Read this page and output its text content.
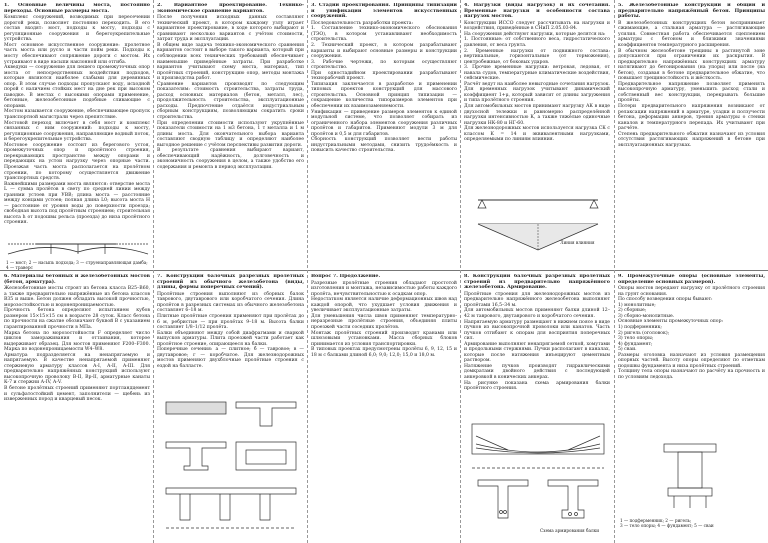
1. Основные величины моста, постоянно переходы. Основные размеры моста.
Комплекс сооружений, возводимых при пересечении дорогой реки, позволяет постоянно переходить. В его состав входят: мост, подходы к мосту, подходы с регуляционные сооружения и берегоукрепительные устройства.
Мост основное искусственное сооружение: пролетное часть моста или русло и части пойм реки. Подходы к мосту обеспечивают сопряжение дороги с мостом. Их устраивают в виде насыпи наклонной или отгиба.
Акведуки — сооружение для пешего промежуточных опор моста от непосредственных воздействия подходов, которые являются наиболее слабыми для деревянных опор. В этом случае подходы пропускают воду, исходной порой с наличием стойких мест на дне рек при высоком паводке. В местах с высокими опорами применение, бетонные, железобетонные подобные сливающие с опорами.
Мостом называется сооружение, обеспечивающее пропуск транспортной магистрали через препятствие.
Мостовой переход включает в себя мост и комплекс связанных с ним сооружений: подходы к мосту, регуляционные сооружения, направляющие водный поток, и берегоукрепительные устройства.
Мостовое сооружение состоит из берегового устоя, промежуточных опор и пролётного строения, перекрывающих пространство между опорами и передающих на устои нагрузку через опорные части. Проезжая часть моста располагается на пролётном строении, по которому осуществляется движение транспортных средств.
Важнейшими размерами моста являются: отверстие моста L — сумма пролётов в свету по средней линии между гранями устоев при УВВ; длина моста — расстояние между концами устоев; полная длина L0; высота моста H — расстояние от уровня воды до поверхности проезда; свободная высота под пролётным строением; строительная высота h от подошвы рельса (проезда) до низа пролётного строения.
1 — мост; 2 — насыпь подхода; 3 — струенаправляющая дамба; 4 — траверс
2. Вариантное проектирование. Технико-экономическое сравнение вариантов.
После получения исходных данных составляют технический проект, в котором каждому узлу играет вариантное проектирование, в ходе которого выбирают и сравнивают несколько вариантов с учётом стоимости, затрат труда и эксплуатации.
В общем виде задача технико-экономического сравнения вариантов состоит в выборе такого варианта, который при соблюдении всех технических требований обеспечивает наименьшие приведённые затраты. При разработке вариантов учитывают схему моста, материал, тип пролётных строений, конструкцию опор, методы монтажа и производства работ.
Сравнение вариантов производят по следующим показателям: стоимость строительства, затраты труда, расход основных материалов (бетон, металл, лес), продолжительность строительства, эксплуатационные расходы. Предпочтение отдаётся индустриальным сборным конструкциям, позволяющим сократить сроки строительства.
При определении стоимости используют укрупнённые показатели стоимости на 1 м3 бетона, 1 т металла и 1 м длины моста. Для окончательного выбора варианта составляют сводную таблицу и определяют наиболее выгодное решение с учётом перспективы развития дороги.
В результате сравнения выбирают вариант, обеспечивающий надёжность, долговечность и экономичность сооружения в целом, а также удобство его содержания и ремонта в период эксплуатации.
3. Стадии проектирования. Принципы типизации и унификации элементов искусственных сооружений.
Последовательность разработки проекта:
1. Составление технико-экономического обоснования (ТЭО), в котором устанавливают необходимость строительства.
2. Технический проект, в котором разрабатывают варианты и выбирают основные размеры и конструкции сооружения.
3. Рабочие чертежи, по которым осуществляют строительство.
При одностадийном проектировании разрабатывают технорабочий проект.
Типизация заключается в разработке и применении типовых проектов конструкций для массового строительства. Основной принцип типизации — сокращение количества типоразмеров элементов при обеспечении их взаимозаменяемости.
Унификация — приведение размеров элементов к единой модульной системе, что позволяет собирать из ограниченного набора элементов сооружения различных пролётов и габаритов. Применяют модули 3 м для пролётов и 0,5 м для габаритов.
Сборность конструкций позволяет вести работы индустриальными методами, снизить трудоёмкость и повысить качество строительства.
4. Нагрузки (виды нагрузок) и их сочетания. Временные нагрузки и особенности состава нагрузок мостов.
Конструкции ИССО следует рассчитывать на нагрузки и воздействия, приведённые в СНиП 2.05.03-84.
На сооружения действуют нагрузки, которые делятся на:
1. Постоянные: от собственного веса, гидростатического давления, от веса грунта.
2. Временные нагрузки от подвижного состава: вертикальные, горизонтальные (от торможения), центробежные, от боковых ударов.
3. Прочие временные нагрузки: ветровая, ледовая, от навала судов, температурные климатические воздействия, сейсмические.
Расчёт ведут на наиболее невыгодные сочетания нагрузок. Для временных нагрузок учитывают динамический коэффициент 1+μ, который зависит от длины загружения и типа пролётного строения.
Для автомобильных мостов принимают нагрузку АК в виде двухосной тележки и равномерно распределённой нагрузки интенсивностью К, а также тяжёлые одиночные нагрузки НК-80 и НГ-60.
Для железнодорожных мостов используется нагрузка СК с классом K = 14 и эквивалентными нагрузками, определяемыми по линиям влияния.
Линия влияния
5. Железобетонные конструкции и общий и предварительно напряжённый бетон. Принципы работы.
В железобетонных конструкциях бетон воспринимает сжимающие, а стальная арматура — растягивающие усилия. Совместная работа обеспечивается сцеплением арматуры с бетоном и близкими значениями коэффициентов температурного расширения.
В обычном железобетоне трещины в растянутой зоне допускаются при ограничении их раскрытия. В предварительно напряжённых конструкциях арматуру натягивают до бетонирования (на упоры) или после (на бетон), создавая в бетоне предварительное обжатие, что повышает трещиностойкость и жёсткость.
Предварительное напряжение позволяет применять высокопрочную арматуру, уменьшить расход стали и собственный вес конструкции, перекрывать большие пролёты.
Потери предварительного напряжения возникают от релаксации напряжений в арматуре, усадки и ползучести бетона, деформации анкеров, трения арматуры о стенки каналов и температурного перепада. Их учитывают при расчёте.
Степень предварительного обжатия назначают из условия отсутствия растягивающих напряжений в бетоне при эксплуатационных нагрузках.
6. Материалы бетонных и железобетонных мостов (бетон, арматура).
Железобетонные мосты строят из бетона класса В25–В60, а также предварительно напряжённые из бетона классов В35 и выше. Бетон должен обладать высокой прочностью, морозостойкостью и водонепроницаемостью.
Прочность бетона определяют испытанием кубов размером 15×15×15 см в возрасте 28 суток. Класс бетона по прочности на сжатие обозначают буквой В с указанием гарантированной прочности в МПа.
Марка бетона по морозостойкости F определяет число циклов замораживания и оттаивания, которое выдерживает образец. Для мостов применяют F200–F300. Марка по водонепроницаемости W4–W8.
Арматура подразделяется на ненапрягаемую и напрягаемую. В качестве ненапрягаемой применяют стержневую арматуру классов А-I, А-II, А-III. Для предварительно напряжённых конструкций используют высокопрочную проволоку В-II, Вр-II, арматурные канаты К-7 и стержни А-IV, А-V.
В бетоне пролётных строений применяют портландцемент и сульфатостойкий цемент, заполнители — щебень из изверженных пород и кварцевый песок.
7. Конструкции балочных разрезных пролётных строений из обычного железобетона (виды, длины, формы поперечных сечений).
Пролётные строения выполняют из сборных балок таврового, двутаврового или коробчатого сечения. Длина пролётов в разрезных системах из обычного железобетона составляет 6–18 м.
Плитные пролётные строения применяют при пролётах до 6 м, ребристые — при пролётах 9–18 м. Высота балки составляет 1/8–1/12 пролёта.
Балки объединяют между собой диафрагмами и сваркой выпусков арматуры. Плита проезжей части работает как пролётное строение, опирающееся на балки.
Поперечные сечения: а — плитное; б — тавровое; в — двутавровое; г — коробчатое. Для железнодорожных мостов применяют двухблочные пролётные строения с ездой на балласте.
Вопрос 7. Продолжение.
Разрезные пролётные строения обладают простотой изготовления и монтажа, независимостью работы каждого пролёта, нечувствительностью к осадкам опор.
Недостатком является наличие деформационных швов над каждой опорой, что ухудшает условия движения и увеличивает эксплуатационные затраты.
Для уменьшения числа швов применяют температурно-неразрезные пролётные строения, объединяя плиты проезжей части соседних пролётов.
Монтаж пролётных строений производят кранами или шлюзовыми установками. Масса сборных блоков принимается из условия транспортировки.
В типовых проектах предусмотрены пролёты 6, 9, 12, 15 и 18 м с балками длиной 6,0; 9,0; 12,0; 15,0 и 18,0 м.
8. Конструкции балочных разрезных пролётных строений из предварительно напряжённого железобетона. Армирование.
Пролётные строения для железнодорожных мостов из предварительно напряжённого железобетона выполняют пролётами 16,5–34 м.
Для автомобильных мостов применяют балки длиной 12–42 м таврового, двутаврового и коробчатого сечения.
Напрягаемую арматуру размещают в нижнем поясе в виде пучков из высокопрочной проволоки или канатов. Часть пучков отгибают к опорам для восприятия поперечных сил.
Армирование выполняют ненапрягаемой сеткой, хомутами и продольными стержнями. Пучки располагают в каналах, которые после натяжения инъецируют цементным раствором.
Натяжение пучков производят гидравлическими домкратами двойного действия с последующей анкеровкой в конических анкерах.
На рисунке показана схема армирования балки пролётного строения.
Схема армирования балки
9. Промежуточные опоры (основные элементы, определение основных размеров).
Опоры мостов передают нагрузку от пролётного строения на грунт основания.
По способу возведения опоры бывают:
1) монолитные;
2) сборные;
3) сборно-монолитные.
Основные элементы промежуточных опор:
1) подферменник;
2) ригель (оголовок);
3) тело опоры;
4) фундамент;
5) сваи.
Размеры оголовка назначают из условия размещения опорных частей. Высоту опоры определяют по отметкам подошвы фундамента и низа пролётных строений.
Толщину тела опоры назначают по расчёту на прочность и по условиям ледохода.
1 — подферменник; 2 — ригель;
3 — тело опоры; 4 — фундамент; 5 — сваи
